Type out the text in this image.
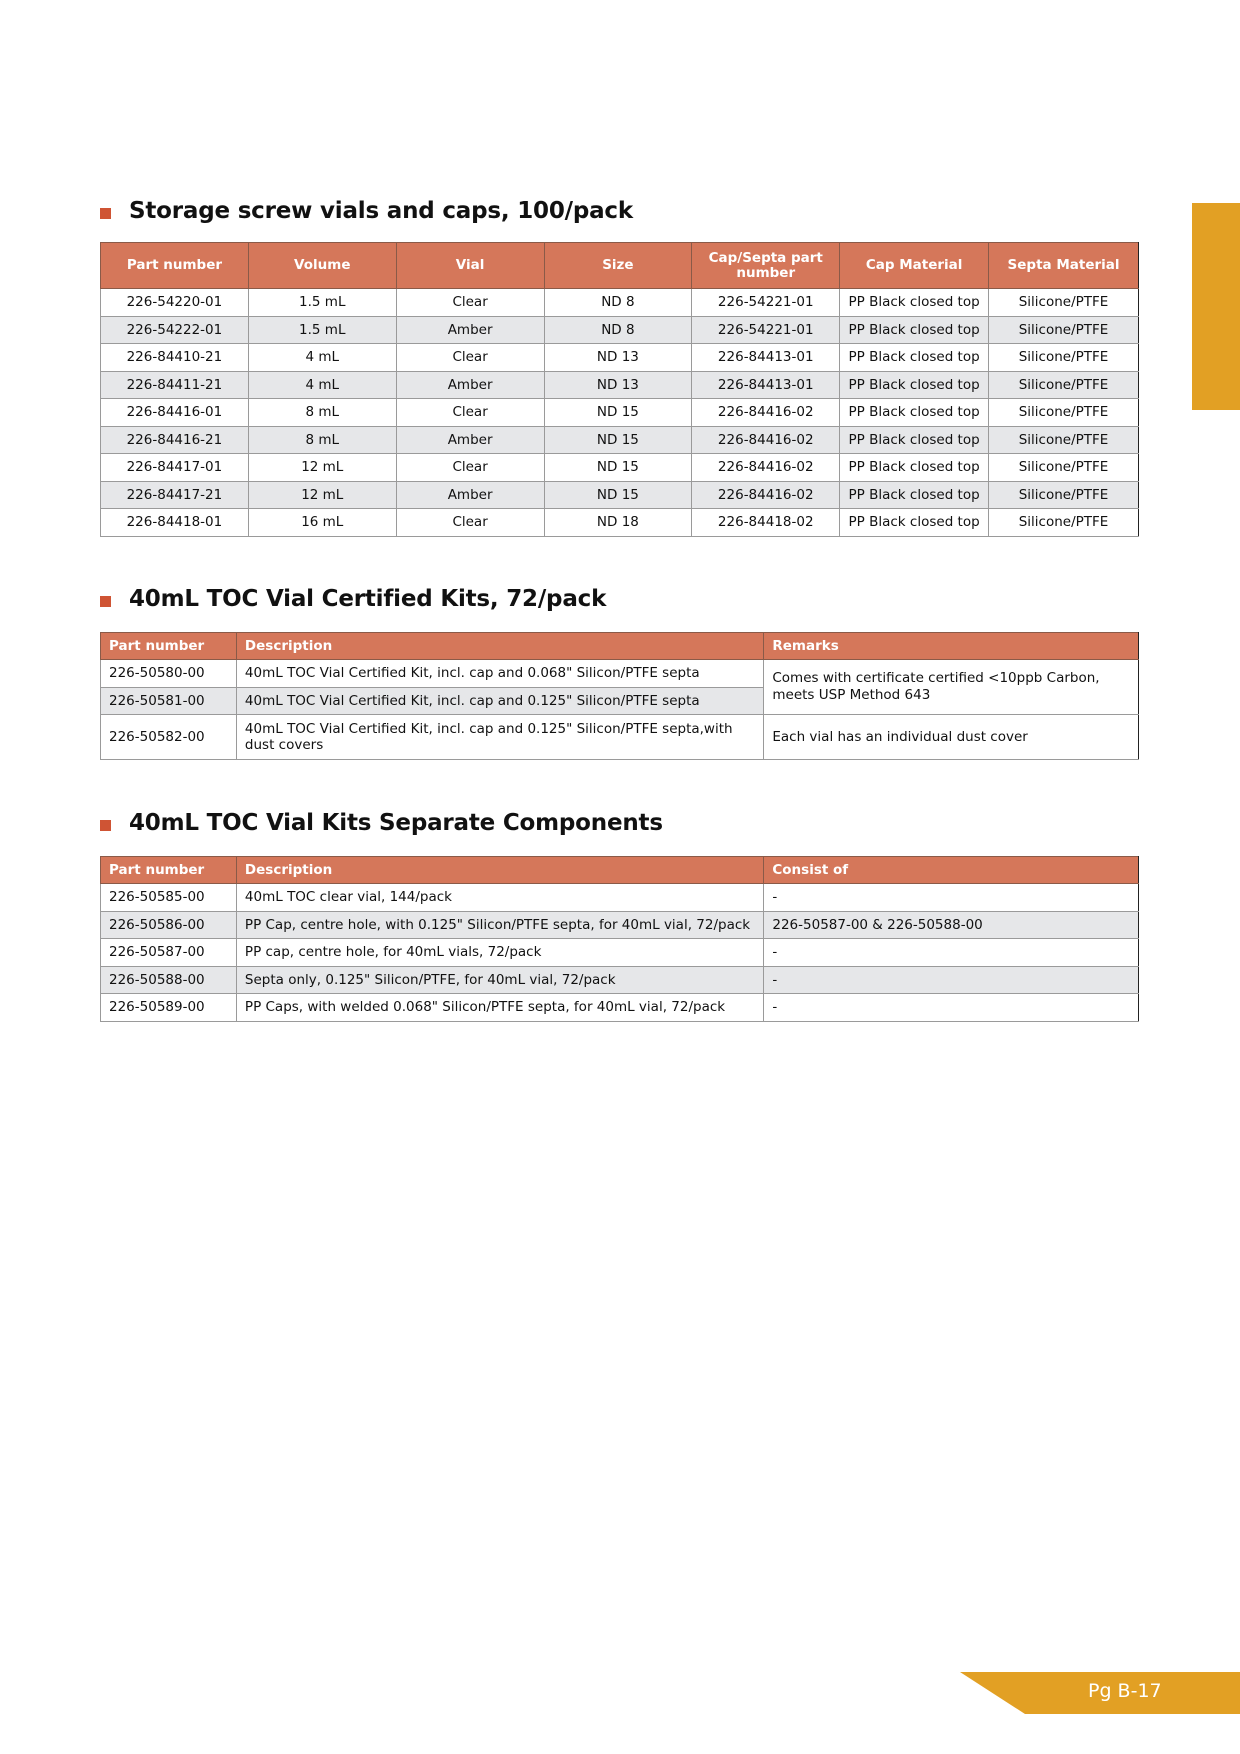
Storage screw vials and caps, 100/pack
Part number	Volume	Vial	Size	Cap/Septa part number	Cap Material	Septa Material
226-54220-01	1.5 mL	Clear	ND 8	226-54221-01	PP Black closed top	Silicone/PTFE
226-54222-01	1.5 mL	Amber	ND 8	226-54221-01	PP Black closed top	Silicone/PTFE
226-84410-21	4 mL	Clear	ND 13	226-84413-01	PP Black closed top	Silicone/PTFE
226-84411-21	4 mL	Amber	ND 13	226-84413-01	PP Black closed top	Silicone/PTFE
226-84416-01	8 mL	Clear	ND 15	226-84416-02	PP Black closed top	Silicone/PTFE
226-84416-21	8 mL	Amber	ND 15	226-84416-02	PP Black closed top	Silicone/PTFE
226-84417-01	12 mL	Clear	ND 15	226-84416-02	PP Black closed top	Silicone/PTFE
226-84417-21	12 mL	Amber	ND 15	226-84416-02	PP Black closed top	Silicone/PTFE
226-84418-01	16 mL	Clear	ND 18	226-84418-02	PP Black closed top	Silicone/PTFE
40mL TOC Vial Certified Kits, 72/pack
Part number	Description	Remarks
226-50580-00	40mL TOC Vial Certified Kit, incl. cap and 0.068" Silicon/PTFE septa	Comes with certificate certified <10ppb Carbon, meets USP Method 643
226-50581-00	40mL TOC Vial Certified Kit, incl. cap and 0.125" Silicon/PTFE septa	
226-50582-00	40mL TOC Vial Certified Kit, incl. cap and 0.125" Silicon/PTFE septa,with dust covers	Each vial has an individual dust cover
40mL TOC Vial Kits Separate Components
Part number	Description	Consist of
226-50585-00	40mL TOC clear vial, 144/pack	-
226-50586-00	PP Cap, centre hole, with 0.125" Silicon/PTFE septa, for 40mL vial, 72/pack	226-50587-00 & 226-50588-00
226-50587-00	PP cap, centre hole, for 40mL vials, 72/pack	-
226-50588-00	Septa only, 0.125" Silicon/PTFE, for 40mL vial, 72/pack	-
226-50589-00	PP Caps, with welded 0.068" Silicon/PTFE septa, for 40mL vial, 72/pack	-
Pg B-17
